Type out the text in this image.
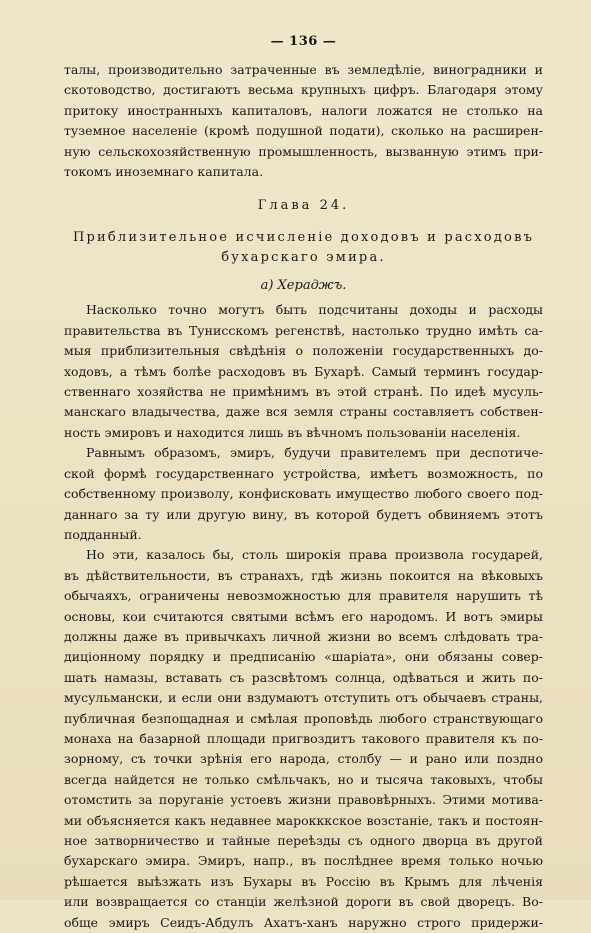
— 136 —
талы, производительно затраченные въ земледѣліе, виноградники и
скотоводство, достигаютъ весьма крупныхъ цифръ. Благодаря этому
притоку иностранныхъ капиталовъ, налоги ложатся не столько на
туземное населеніе (кромѣ подушной подати), сколько на расширен-
ную сельскохозяйственную промышленность, вызванную этимъ при-
токомъ иноземнаго капитала.
Глава 24.
Приблизительное исчисленіе доходовъ и расходовъ
бухарскаго эмира.
а) Хераджъ.
Насколько точно могутъ быть подсчитаны доходы и расходы
правительства въ Тунисскомъ регенствѣ, настолько трудно имѣть са-
мыя приблизительныя свѣдѣнія о положеніи государственныхъ до-
ходовъ, а тѣмъ болѣе расходовъ въ Бухарѣ. Самый терминъ государ-
ственнаго хозяйства не примѣнимъ въ этой странѣ. По идеѣ мусуль-
манскаго владычества, даже вся земля страны составляетъ собствен-
ность эмировъ и находится лишь въ вѣчномъ пользованіи населенія.
Равнымъ образомъ, эмиръ, будучи правителемъ при деспотиче-
ской формѣ государственнаго устройства, имѣетъ возможность, по
собственному произволу, конфисковать имущество любого своего под-
даннаго за ту или другую вину, въ которой будетъ обвиняемъ этотъ
подданный.
Но эти, казалось бы, столь широкія права произвола государей,
въ дѣйствительности, въ странахъ, гдѣ жизнь покоится на вѣковыхъ
обычаяхъ, ограничены невозможностью для правителя нарушить тѣ
основы, кои считаются святыми всѣмъ его народомъ. И вотъ эмиры
должны даже въ привычкахъ личной жизни во всемъ слѣдовать тра-
диціонному порядку и предписанію «шаріата», они обязаны совер-
шать намазы, вставать съ разсвѣтомъ солнца, одѣваться и жить по-
мусульмански, и если они вздумаютъ отступить отъ обычаевъ страны,
публичная безпощадная и смѣлая проповѣдь любого странствующаго
монаха на базарной площади пригвоздитъ такового правителя къ по-
зорному, съ точки зрѣнія его народа, столбу — и рано или поздно
всегда найдется не только смѣльчакъ, но и тысяча таковыхъ, чтобы
отомстить за поруганіе устоевъ жизни правовѣрныхъ. Этими мотива-
ми объясняется какъ недавнее марокккское возстаніе, такъ и постоян-
ное затворничество и тайные переѣзды съ одного дворца въ другой
бухарскаго эмира. Эмиръ, напр., въ послѣднее время только ночью
рѣшается выѣзжать изъ Бухары въ Россію въ Крымъ для лѣченія
или возвращается со станціи желѣзной дороги въ свой дворецъ. Во-
обще эмиръ Сеидъ-Абдулъ Ахатъ-ханъ наружно строго придержи-
